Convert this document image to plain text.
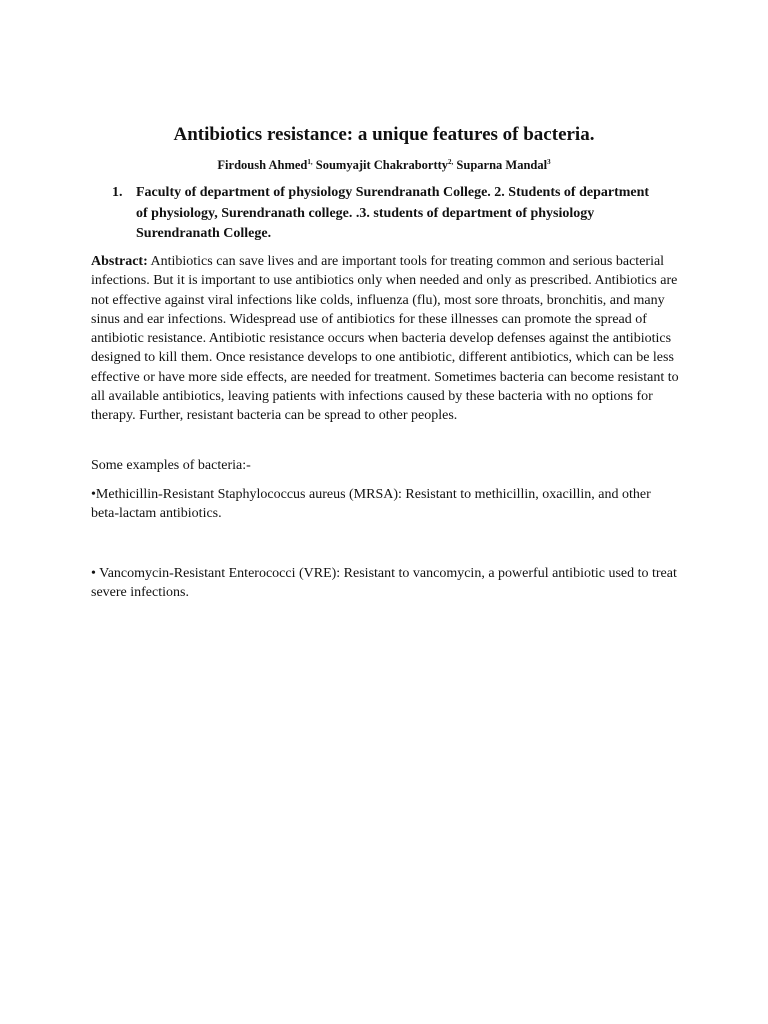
Antibiotics resistance: a unique features of bacteria.

Firdoush Ahmed$^{1,}$ Soumyajit Chakrabortty$^{2,}$ Suparna Mandal$^3$

1. Faculty of department of physiology Surendranath College. 2. Students of department of physiology, Surendranath college. .3. students of department of physiology Surendranath College.

Abstract: Antibiotics can save lives and are important tools for treating common and serious bacterial infections. But it is important to use antibiotics only when needed and only as prescribed. Antibiotics are not effective against viral infections like colds, influenza (flu), most sore throats, bronchitis, and many sinus and ear infections. Widespread use of antibiotics for these illnesses can promote the spread of antibiotic resistance. Antibiotic resistance occurs when bacteria develop defenses against the antibiotics designed to kill them. Once resistance develops to one antibiotic, different antibiotics, which can be less effective or have more side effects, are needed for treatment. Sometimes bacteria can become resistant to all available antibiotics, leaving patients with infections caused by these bacteria with no options for therapy. Further, resistant bacteria can be spread to other peoples.

Some examples of bacteria:-

•Methicillin-Resistant Staphylococcus aureus (MRSA): Resistant to methicillin, oxacillin, and other beta-lactam antibiotics.

• Vancomycin-Resistant Enterococci (VRE): Resistant to vancomycin, a powerful antibiotic used to treat severe infections.
